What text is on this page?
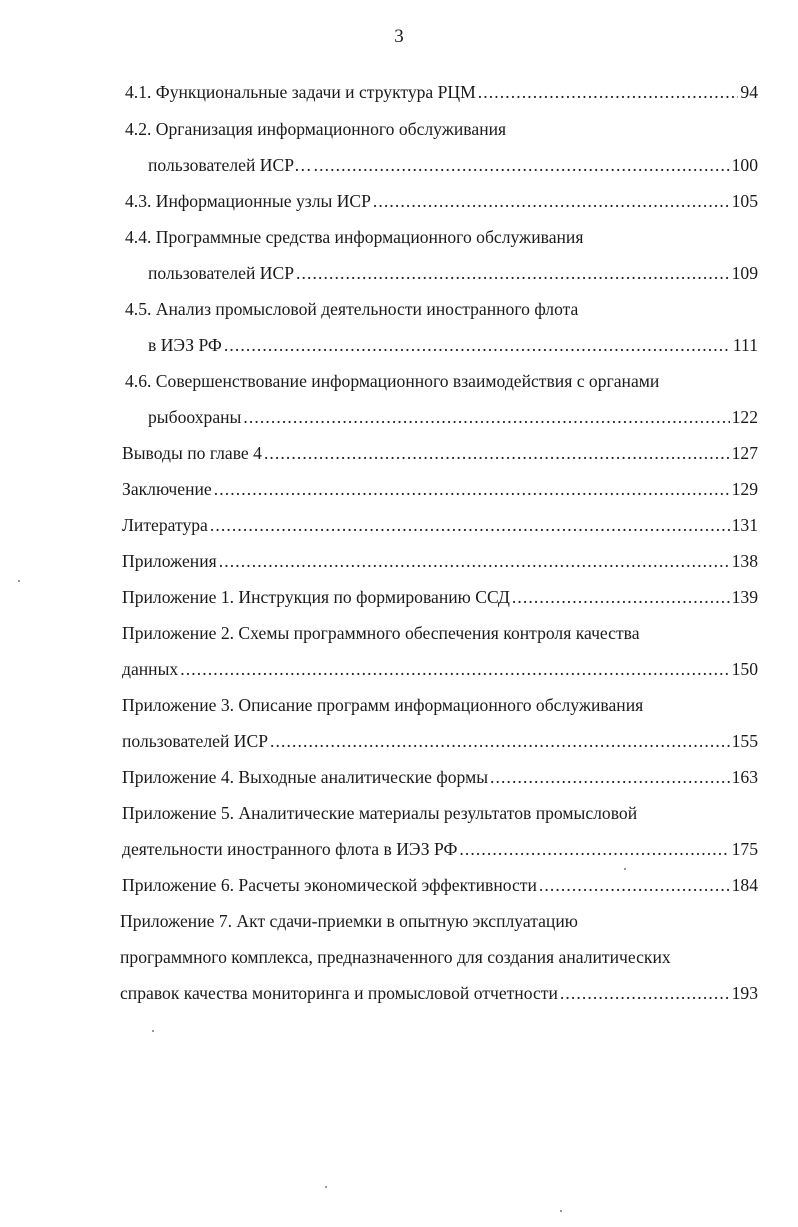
3
4.1. Функциональные задачи и структура РЦМ .....	94
4.2. Организация информационного обслуживания
пользователей ИСР… .....	100
4.3. Информационные узлы ИСР .....	105
4.4. Программные средства информационного обслуживания
пользователей ИСР .....	109
4.5. Анализ промысловой деятельности иностранного флота
в ИЭЗ РФ .....	111
4.6. Совершенствование информационного взаимодействия с органами
рыбоохраны .....	122
Выводы по главе 4 .....	127
Заключение .....	129
Литература .....	131
Приложения .....	138
Приложение 1. Инструкция по формированию ССД .....	139
Приложение 2. Схемы программного обеспечения контроля качества
данных .....	150
Приложение 3. Описание программ информационного обслуживания
пользователей ИСР .....	155
Приложение 4. Выходные аналитические формы .....	163
Приложение 5. Аналитические материалы результатов промысловой
деятельности иностранного флота в ИЭЗ РФ .....	175
Приложение 6. Расчеты экономической эффективности .....	184
Приложение 7. Акт сдачи-приемки в опытную эксплуатацию
программного комплекса, предназначенного для создания аналитических
справок качества мониторинга и промысловой отчетности .....	193
